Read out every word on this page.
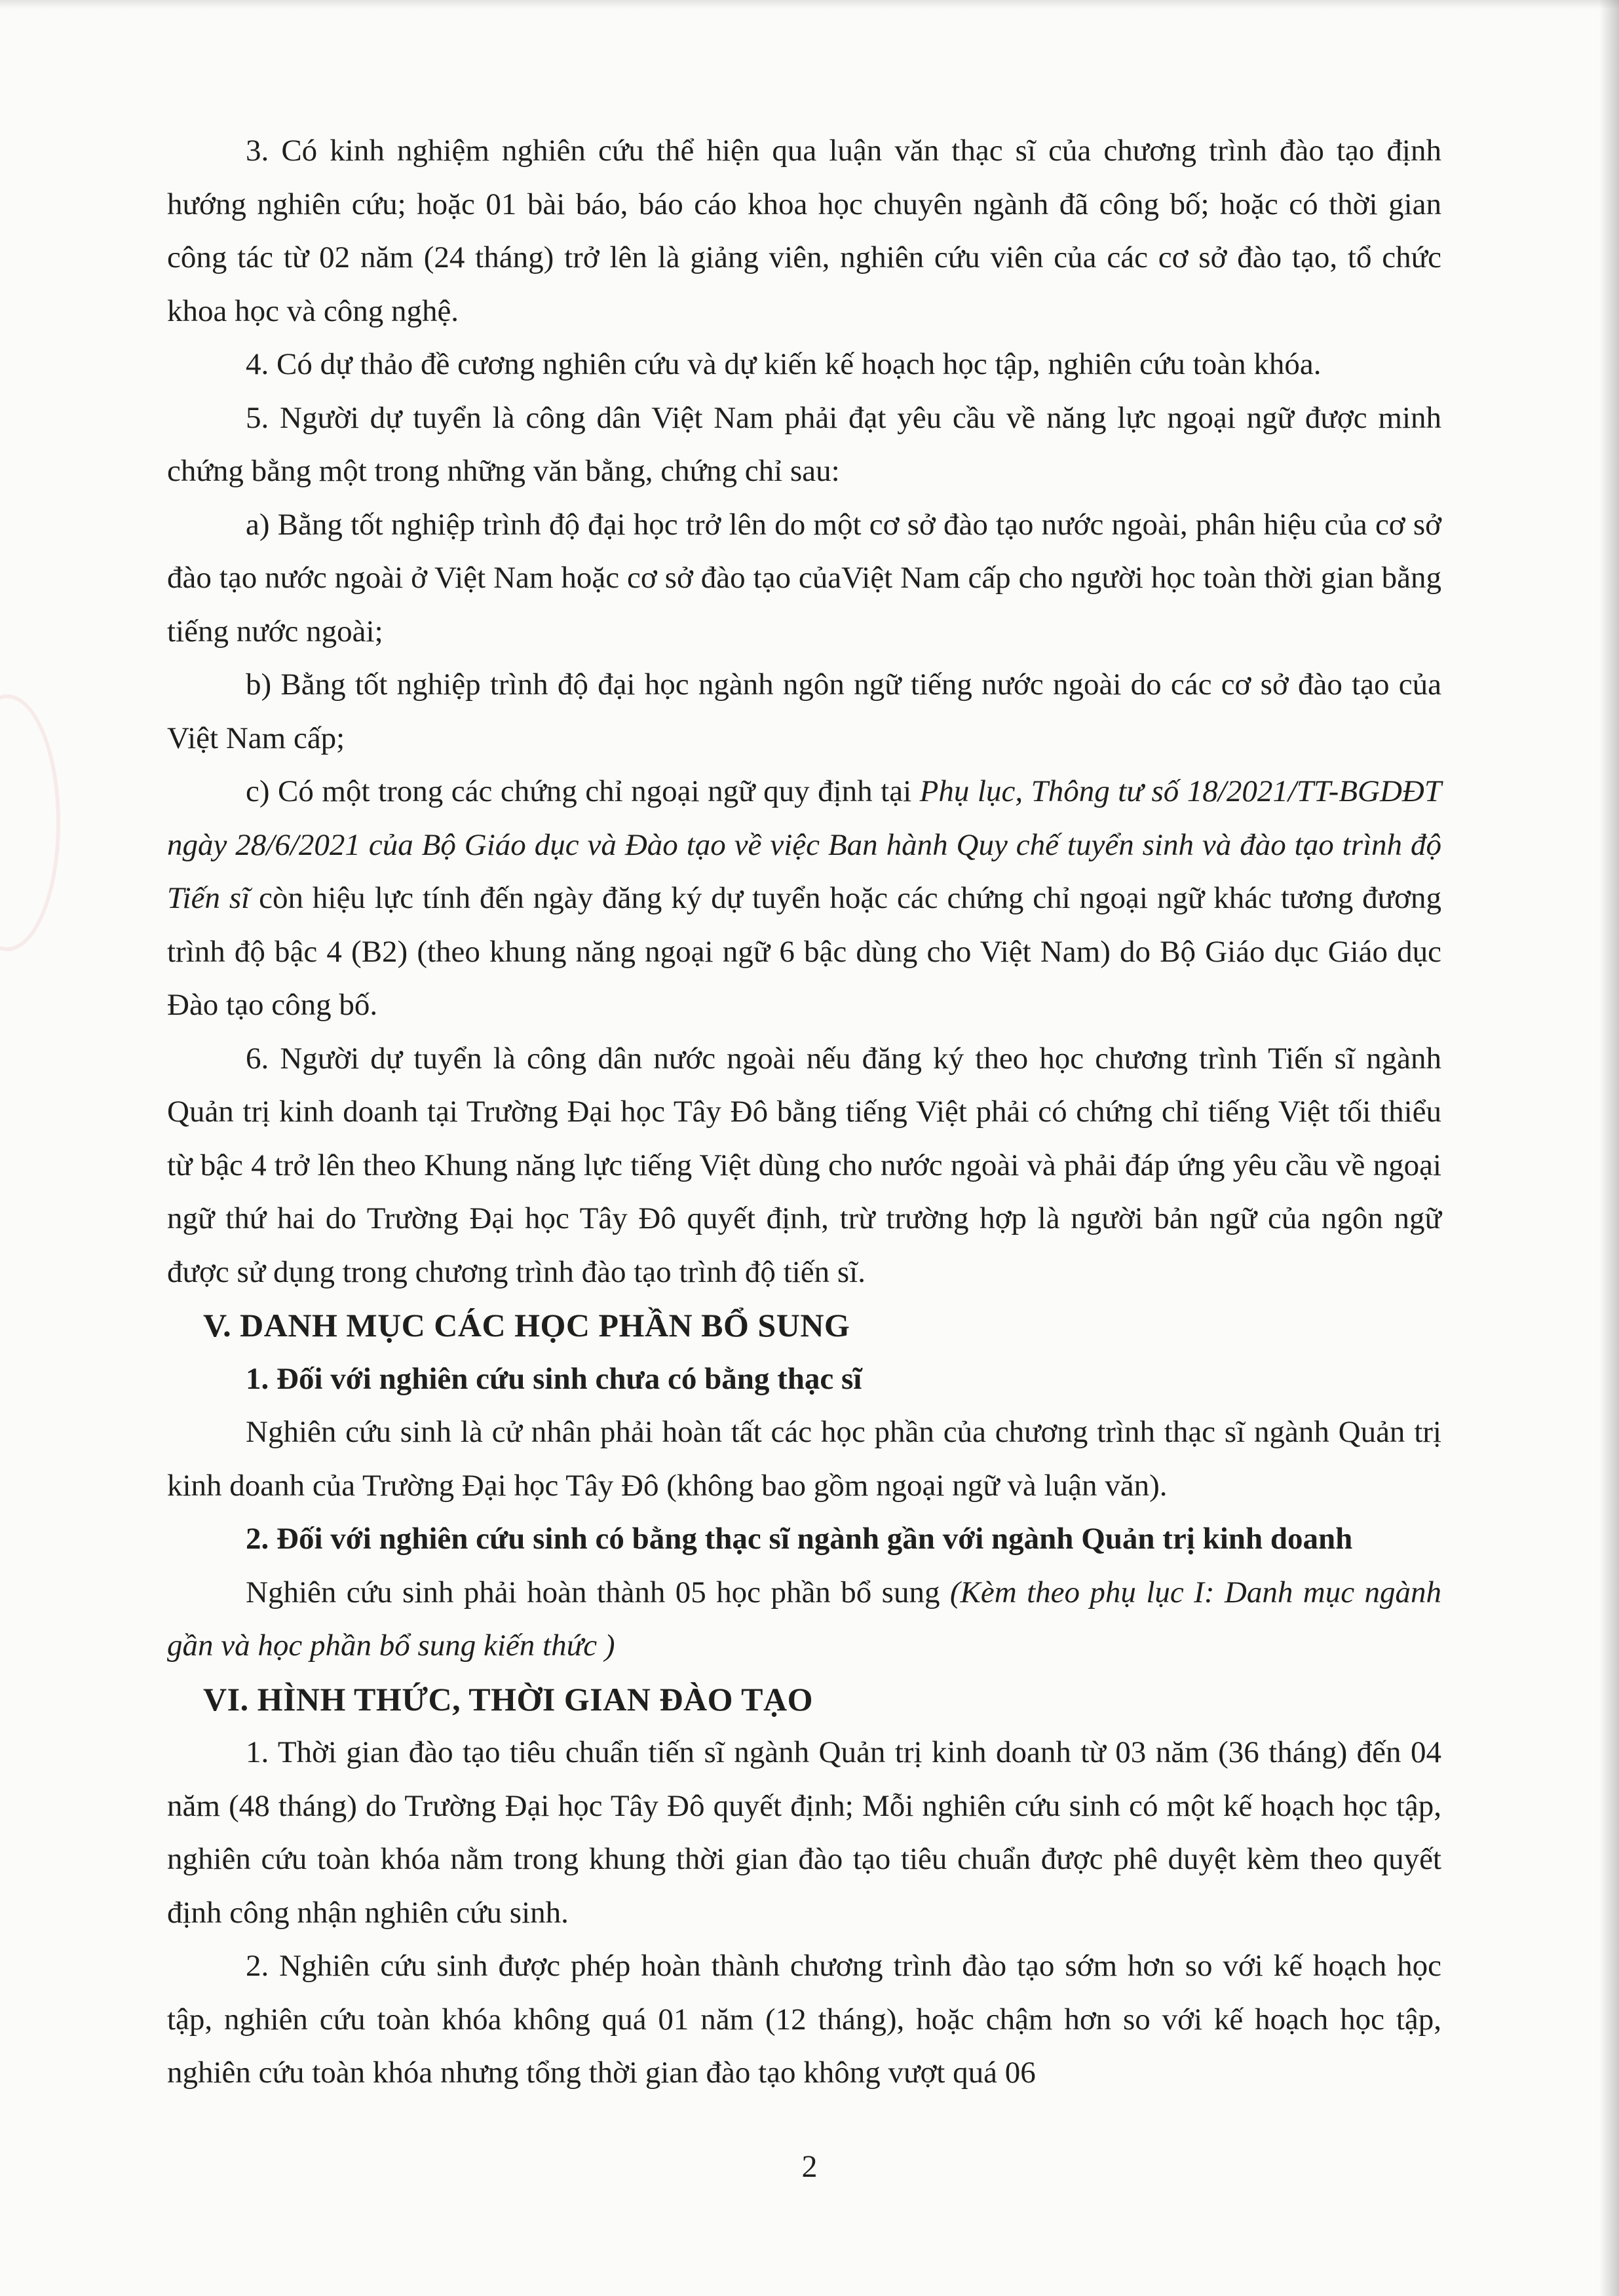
3. Có kinh nghiệm nghiên cứu thể hiện qua luận văn thạc sĩ của chương trình đào tạo định hướng nghiên cứu; hoặc 01 bài báo, báo cáo khoa học chuyên ngành đã công bố; hoặc có thời gian công tác từ 02 năm (24 tháng) trở lên là giảng viên, nghiên cứu viên của các cơ sở đào tạo, tổ chức khoa học và công nghệ.

4. Có dự thảo đề cương nghiên cứu và dự kiến kế hoạch học tập, nghiên cứu toàn khóa.

5. Người dự tuyển là công dân Việt Nam phải đạt yêu cầu về năng lực ngoại ngữ được minh chứng bằng một trong những văn bằng, chứng chỉ sau:

a) Bằng tốt nghiệp trình độ đại học trở lên do một cơ sở đào tạo nước ngoài, phân hiệu của cơ sở đào tạo nước ngoài ở Việt Nam hoặc cơ sở đào tạo củaViệt Nam cấp cho người học toàn thời gian bằng tiếng nước ngoài;

b) Bằng tốt nghiệp trình độ đại học ngành ngôn ngữ tiếng nước ngoài do các cơ sở đào tạo của Việt Nam cấp;

c) Có một trong các chứng chỉ ngoại ngữ quy định tại Phụ lục, Thông tư số 18/2021/TT-BGDĐT ngày 28/6/2021 của Bộ Giáo dục và Đào tạo về việc Ban hành Quy chế tuyển sinh và đào tạo trình độ Tiến sĩ còn hiệu lực tính đến ngày đăng ký dự tuyển hoặc các chứng chỉ ngoại ngữ khác tương đương trình độ bậc 4 (B2) (theo khung năng ngoại ngữ 6 bậc dùng cho Việt Nam) do Bộ Giáo dục Giáo dục Đào tạo công bố.

6. Người dự tuyển là công dân nước ngoài nếu đăng ký theo học chương trình Tiến sĩ ngành Quản trị kinh doanh tại Trường Đại học Tây Đô bằng tiếng Việt phải có chứng chỉ tiếng Việt tối thiểu từ bậc 4 trở lên theo Khung năng lực tiếng Việt dùng cho nước ngoài và phải đáp ứng yêu cầu về ngoại ngữ thứ hai do Trường Đại học Tây Đô quyết định, trừ trường hợp là người bản ngữ của ngôn ngữ được sử dụng trong chương trình đào tạo trình độ tiến sĩ.

V. DANH MỤC CÁC HỌC PHẦN BỔ SUNG

1. Đối với nghiên cứu sinh chưa có bằng thạc sĩ

Nghiên cứu sinh là cử nhân phải hoàn tất các học phần của chương trình thạc sĩ ngành Quản trị kinh doanh của Trường Đại học Tây Đô (không bao gồm ngoại ngữ và luận văn).

2. Đối với nghiên cứu sinh có bằng thạc sĩ ngành gần với ngành Quản trị kinh doanh

Nghiên cứu sinh phải hoàn thành 05 học phần bổ sung (Kèm theo phụ lục I: Danh mục ngành gần và học phần bổ sung kiến thức )

VI. HÌNH THỨC, THỜI GIAN ĐÀO TẠO

1. Thời gian đào tạo tiêu chuẩn tiến sĩ ngành Quản trị kinh doanh từ 03 năm (36 tháng) đến 04 năm (48 tháng) do Trường Đại học Tây Đô quyết định; Mỗi nghiên cứu sinh có một kế hoạch học tập, nghiên cứu toàn khóa nằm trong khung thời gian đào tạo tiêu chuẩn được phê duyệt kèm theo quyết định công nhận nghiên cứu sinh.

2. Nghiên cứu sinh được phép hoàn thành chương trình đào tạo sớm hơn so với kế hoạch học tập, nghiên cứu toàn khóa không quá 01 năm (12 tháng), hoặc chậm hơn so với kế hoạch học tập, nghiên cứu toàn khóa nhưng tổng thời gian đào tạo không vượt quá 06

2
